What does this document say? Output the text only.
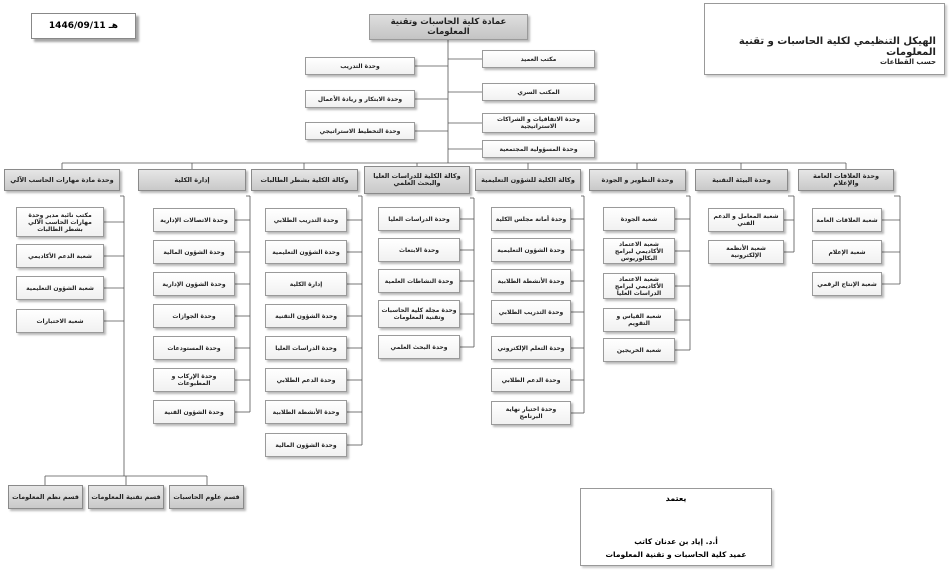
1446/09/11 هـ
الهيكل التنظيمي لكلية الحاسبات و تقنية المعلومات
حسب القطاعات
عمادة كلية الحاسبات وتقنية المعلومات
مكتب العميد
المكتب السري
وحدة الاتفاقيات و الشراكات الاستراتيجية
وحدة المسؤولية المجتمعية
وحدة التدريب
وحدة الابتكار و ريادة الأعمال
وحدة التخطيط الاستراتيجي
وحدة العلاقات العامة والإعلام
شعبة العلاقات العامة
شعبة الإعلام
شعبة الإنتاج الرقمي
وحدة البيئة التقنية
شعبة المعامل و الدعم الفني
شعبة الأنظمة الإلكترونية
وحدة التطوير و الجودة
شعبة الجودة
شعبة الاعتماد الأكاديمي لبرامج البكالوريوس
شعبة الاعتماد الأكاديمي لبرامج الدراسات العليا
شعبة القياس و التقويم
شعبة الخريجين
وكالة الكلية للشؤون التعليمية
وحدة أمانة مجلس الكلية
وحدة الشؤون التعليمية
وحدة الأنشطة الطلابية
وحدة التدريب الطلابي
وحدة التعلم الإلكتروني
وحدة الدعم الطلابي
وحدة اختبار نهاية البرنامج
وكالة الكلية للدراسات العليا والبحث العلمي
وحدة الدراسات العليا
وحدة الابتعاث
وحدة النشاطات العلمية
وحدة مجلة كلية الحاسبات وتقنية المعلومات
وحدة البحث العلمي
وكالة الكلية بشطر الطالبات
وحدة التدريب الطلابي
وحدة الشؤون التعليمية
إدارة الكلية
وحدة الشؤون التقنية
وحدة الدراسات العليا
وحدة الدعم الطلابي
وحدة الأنشطة الطلابية
وحدة الشؤون المالية
إدارة الكلية
وحدة الاتصالات الإدارية
وحدة الشؤون المالية
وحدة الشؤون الإدارية
وحدة الجوازات
وحدة المستودعات
وحدة الإركاب و المطبوعات
وحدة الشؤون الفنية
وحدة مادة مهارات الحاسب الآلي
مكتب نائبة مدير وحدة مهارات الحاسب الآلي بشطر الطالبات
شعبة الدعم الأكاديمي
شعبة الشؤون التعليمية
شعبة الاختبارات
قسم علوم الحاسبات
قسم تقنية المعلومات
قسم نظم المعلومات	يعتمد
أ.د. إياد بن عدنان كاتب
عميد كلية الحاسبات و تقنية المعلومات
